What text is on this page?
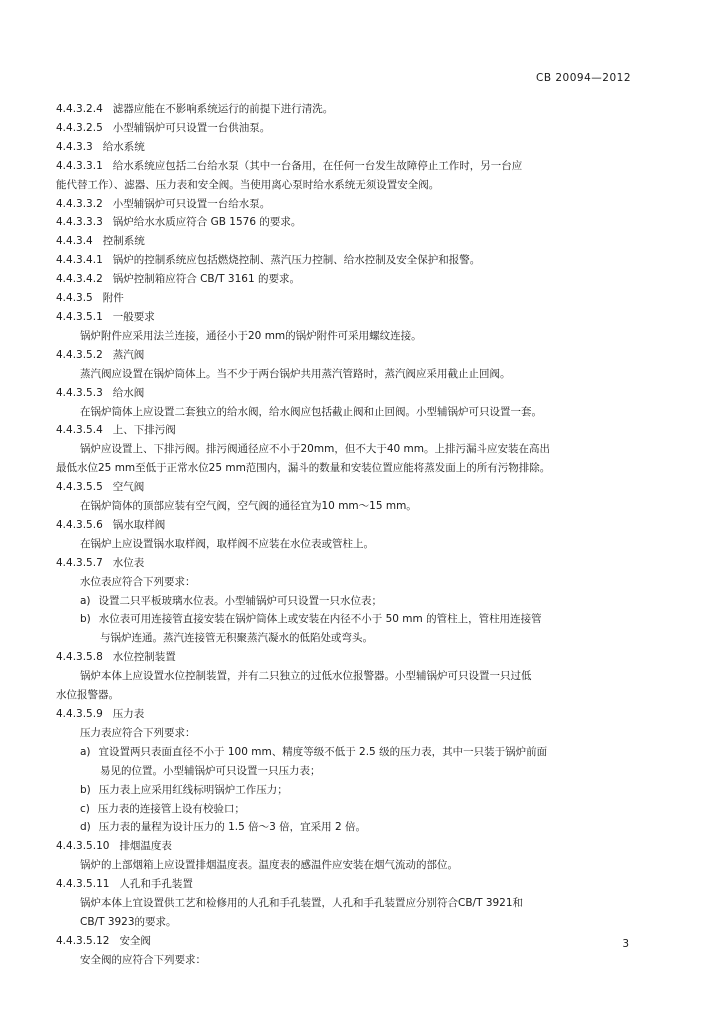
CB 20094—2012
4.4.3.2.4 滤器应能在不影响系统运行的前提下进行清洗。
4.4.3.2.5 小型辅锅炉可只设置一台供油泵。
4.4.3.3 给水系统
4.4.3.3.1 给水系统应包括二台给水泵（其中一台备用，在任何一台发生故障停止工作时，另一台应
能代替工作）、滤器、压力表和安全阀。当使用离心泵时给水系统无须设置安全阀。
4.4.3.3.2 小型辅锅炉可只设置一台给水泵。
4.4.3.3.3 锅炉给水水质应符合 GB 1576 的要求。
4.4.3.4 控制系统
4.4.3.4.1 锅炉的控制系统应包括燃烧控制、蒸汽压力控制、给水控制及安全保护和报警。
4.4.3.4.2 锅炉控制箱应符合 CB/T 3161 的要求。
4.4.3.5 附件
4.4.3.5.1 一般要求
锅炉附件应采用法兰连接，通径小于20 mm的锅炉附件可采用螺纹连接。
4.4.3.5.2 蒸汽阀
蒸汽阀应设置在锅炉筒体上。当不少于两台锅炉共用蒸汽管路时，蒸汽阀应采用截止止回阀。
4.4.3.5.3 给水阀
在锅炉筒体上应设置二套独立的给水阀，给水阀应包括截止阀和止回阀。小型辅锅炉可只设置一套。
4.4.3.5.4 上、下排污阀
锅炉应设置上、下排污阀。排污阀通径应不小于20mm，但不大于40 mm。上排污漏斗应安装在高出
最低水位25 mm至低于正常水位25 mm范围内，漏斗的数量和安装位置应能将蒸发面上的所有污物排除。
4.4.3.5.5 空气阀
在锅炉筒体的顶部应装有空气阀，空气阀的通径宜为10 mm～15 mm。
4.4.3.5.6 锅水取样阀
在锅炉上应设置锅水取样阀，取样阀不应装在水位表或管柱上。
4.4.3.5.7 水位表
水位表应符合下列要求：
a) 设置二只平板玻璃水位表。小型辅锅炉可只设置一只水位表；
b) 水位表可用连接管直接安装在锅炉筒体上或安装在内径不小于 50 mm 的管柱上，管柱用连接管
与锅炉连通。蒸汽连接管无积聚蒸汽凝水的低陷处或弯头。
4.4.3.5.8 水位控制装置
锅炉本体上应设置水位控制装置，并有二只独立的过低水位报警器。小型辅锅炉可只设置一只过低
水位报警器。
4.4.3.5.9 压力表
压力表应符合下列要求：
a) 宜设置两只表面直径不小于 100 mm、精度等级不低于 2.5 级的压力表，其中一只装于锅炉前面
易见的位置。小型辅锅炉可只设置一只压力表；
b) 压力表上应采用红线标明锅炉工作压力；
c) 压力表的连接管上设有校验口；
d) 压力表的量程为设计压力的 1.5 倍～3 倍，宜采用 2 倍。
4.4.3.5.10 排烟温度表
锅炉的上部烟箱上应设置排烟温度表。温度表的感温件应安装在烟气流动的部位。
4.4.3.5.11 人孔和手孔装置
锅炉本体上宜设置供工艺和检修用的人孔和手孔装置，人孔和手孔装置应分别符合CB/T 3921和
CB/T 3923的要求。
4.4.3.5.12 安全阀
安全阀的应符合下列要求：
3
